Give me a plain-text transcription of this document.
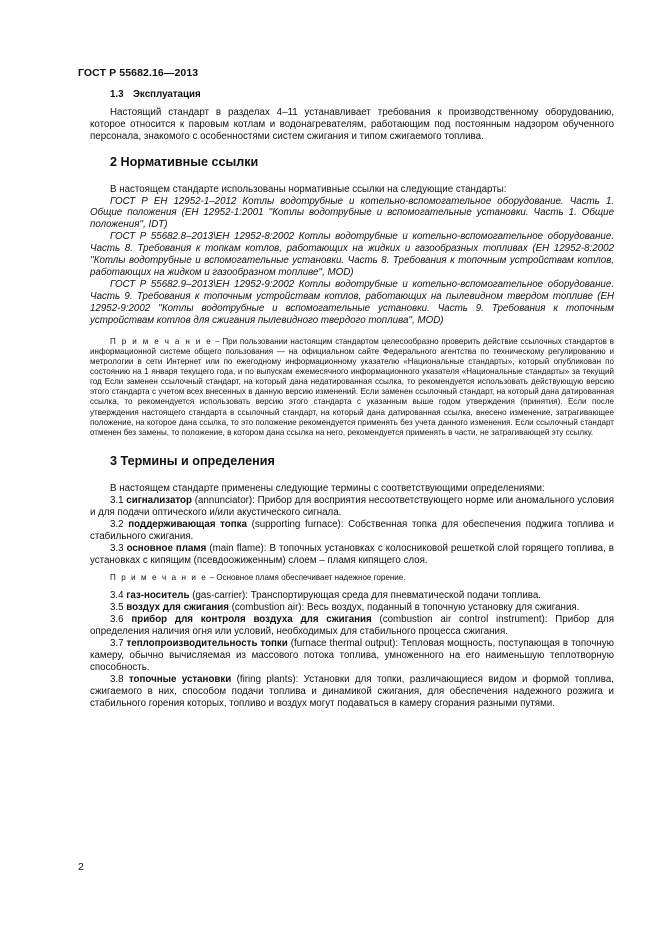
ГОСТ Р 55682.16—2013

1.3 Эксплуатация

Настоящий стандарт в разделах 4–11 устанавливает требования к производственному оборудованию, которое относится к паровым котлам и водонагревателям, работающим под постоянным надзором обученного персонала, знакомого с особенностями систем сжигания и типом сжигаемого топлива.

2 Нормативные ссылки

В настоящем стандарте использованы нормативные ссылки на следующие стандарты:

ГОСТ Р ЕН 12952-1–2012 Котлы водотрубные и котельно-вспомогательное оборудование. Часть 1. Общие положения (EH 12952-1:2001 ''Котлы водотрубные и вспомогательные установки. Часть 1. Общие положения'', IDT)

ГОСТ Р 55682.8–2013\ЕН 12952-8:2002 Котлы водотрубные и котельно-вспомогательное оборудование. Часть 8. Требования к топкам котлов, работающих на жидких и газообразных топливах (EH 12952-8:2002 ''Котлы водотрубные и вспомогательные установки. Часть 8. Требования к топочным устройствам котлов, работающих на жидком и газообразном топливе'', MOD)

ГОСТ Р 55682.9–2013\ЕН 12952-9:2002 Котлы водотрубные и котельно-вспомогательное оборудование. Часть 9. Требования к топочным устройствам котлов, работающих на пылевидном твердом топливе (EH 12952-9:2002 ''Котлы водотрубные и вспомогательные установки. Часть 9. Требования к топочным устройствам котлов для сжигания пылевидного твердого топлива'', MOD)

П р и м е ч а н и е – При пользовании настоящим стандартом целесообразно проверить действие ссылочных стандартов в информационной системе общего пользования — на официальном сайте Федерального агентства по техническому регулированию и метрологии в сети Интернет или по ежегодному информационному указателю «Национальные стандарты», который опубликован по состоянию на 1 января текущего года, и по выпускам ежемесячного информационного указателя «Национальные стандарты» за текущий год Если заменен ссылочный стандарт, на который дана недатированная ссылка, то рекомендуется использовать действующую версию этого стандарта с учетом всех внесенных в данную версию изменений. Если заменен ссылочный стандарт, на который дана датированная ссылка, то рекомендуется использовать версию этого стандарта с указанным выше годом утверждения (принятия). Если после утверждения настоящего стандарта в ссылочный стандарт, на который дана датированная ссылка, внесено изменение, затрагивающее положение, на которое дана ссылка, то это положение рекомендуется применять без учета данного изменения. Если ссылочный стандарт отменен без замены, то положение, в котором дана ссылка на него, рекомендуется применять в части, не затрагивающей эту ссылку.

3 Термины и определения

В настоящем стандарте применены следующие термины с соответствующими определениями:

3.1 сигнализатор (annunciator): Прибор для восприятия несоответствующего норме или аномального условия и для подачи оптического и/или акустического сигнала.

3.2 поддерживающая топка (supporting furnace): Собственная топка для обеспечения поджига топлива и стабильного сжигания.

3.3 основное пламя (main flame): В топочных установках с колосниковой решеткой слой горящего топлива, в установках с кипящим (псевдоожиженным) слоем – пламя кипящего слоя.

П р и м е ч а н и е – Основное пламя обеспечивает надежное горение.

3.4 газ-носитель (gas-carrier): Транспортирующая среда для пневматической подачи топлива.

3.5 воздух для сжигания (combustion air): Весь воздух, поданный в топочную установку для сжигания.

3.6 прибор для контроля воздуха для сжигания (combustion air control instrument): Прибор для определения наличия огня или условий, необходимых для стабильного процесса сжигания.

3.7 теплопроизводительность топки (furnace thermal output): Тепловая мощность, поступающая в топочную камеру, обычно вычисляемая из массового потока топлива, умноженного на его наименьшую теплотворную способность.

3.8 топочные установки (firing plants): Установки для топки, различающиеся видом и формой топлива, сжигаемого в них, способом подачи топлива и динамикой сжигания, для обеспечения надежного розжига и стабильного горения которых, топливо и воздух могут подаваться в камеру сгорания разными путями.

2
